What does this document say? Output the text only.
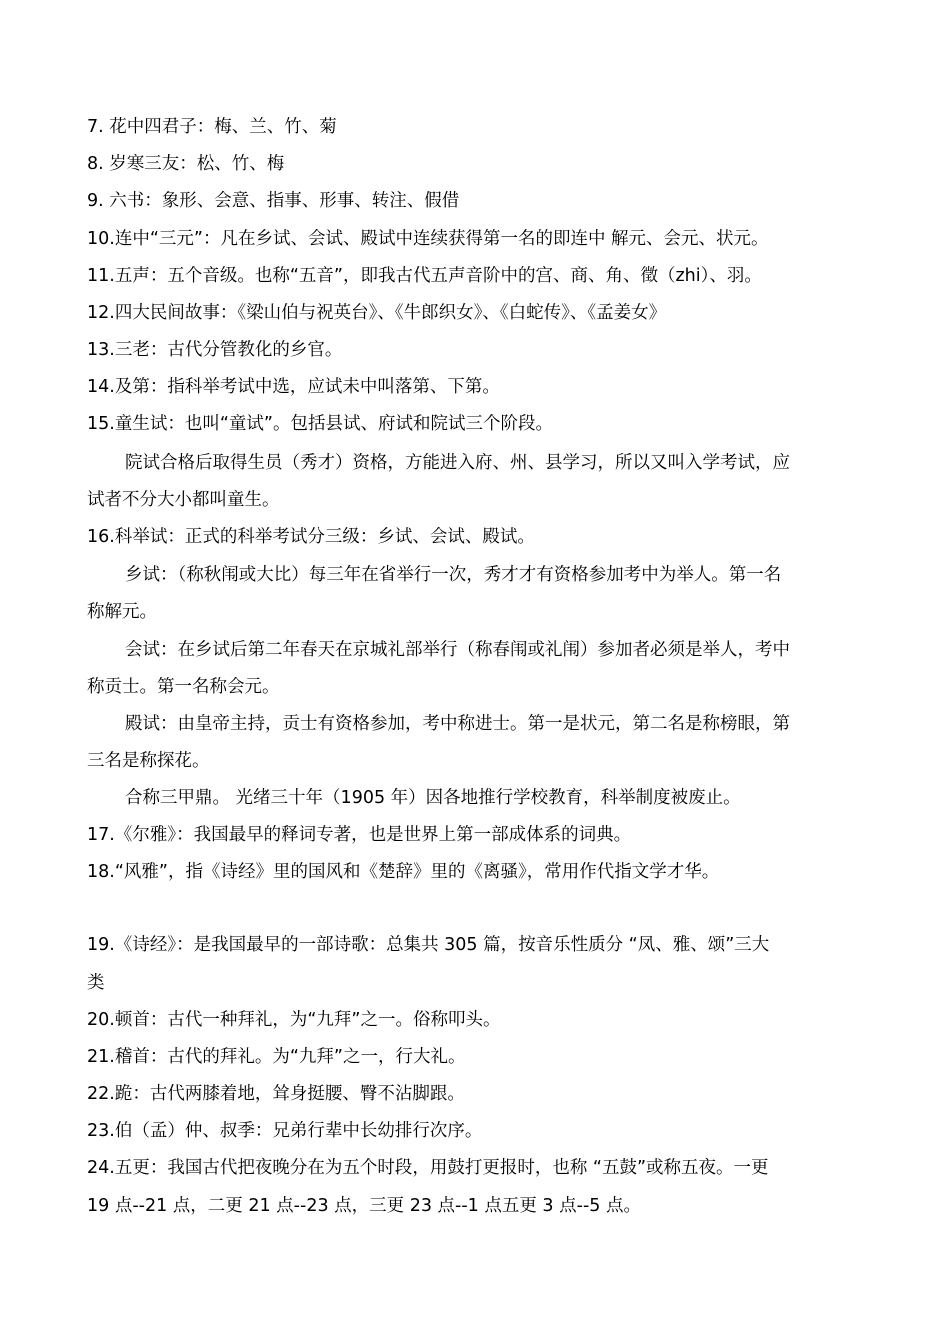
7. 花中四君子：梅、兰、竹、菊
8. 岁寒三友：松、竹、梅
9. 六书：象形、会意、指事、形事、转注、假借
10.连中“三元”：凡在乡试、会试、殿试中连续获得第一名的即连中 解元、会元、状元。
11.五声：五个音级。也称“五音”，即我古代五声音阶中的宫、商、角、徵（zhi）、羽。
12.四大民间故事：《梁山伯与祝英台》、《牛郎织女》、《白蛇传》、《孟姜女》
13.三老：古代分管教化的乡官。
14.及第：指科举考试中选，应试未中叫落第、下第。
15.童生试：也叫“童试”。包括县试、府试和院试三个阶段。
院试合格后取得生员（秀才）资格，方能进入府、州、县学习，所以又叫入学考试，应
试者不分大小都叫童生。
16.科举试：正式的科举考试分三级：乡试、会试、殿试。
乡试：（称秋闱或大比）每三年在省举行一次，秀才才有资格参加考中为举人。第一名
称解元。
会试：在乡试后第二年春天在京城礼部举行（称春闱或礼闱）参加者必须是举人，考中
称贡士。第一名称会元。
殿试：由皇帝主持，贡士有资格参加，考中称进士。第一是状元，第二名是称榜眼，第
三名是称探花。
合称三甲鼎。 光绪三十年（1905 年）因各地推行学校教育，科举制度被废止。
17.《尔雅》：我国最早的释词专著，也是世界上第一部成体系的词典。
18.“风雅”，指《诗经》里的国风和《楚辞》里的《离骚》，常用作代指文学才华。
19.《诗经》：是我国最早的一部诗歌：总集共 305 篇，按音乐性质分 “凤、雅、颂”三大
类
20.顿首：古代一种拜礼，为“九拜”之一。俗称叩头。
21.稽首：古代的拜礼。为“九拜”之一，行大礼。
22.跪：古代两膝着地，耸身挺腰、臀不沾脚跟。
23.伯（孟）仲、叔季：兄弟行辈中长幼排行次序。
24.五更：我国古代把夜晚分在为五个时段，用鼓打更报时，也称 “五鼓”或称五夜。一更
19 点--21 点，二更 21 点--23 点，三更 23 点--1 点五更 3 点--5 点。
